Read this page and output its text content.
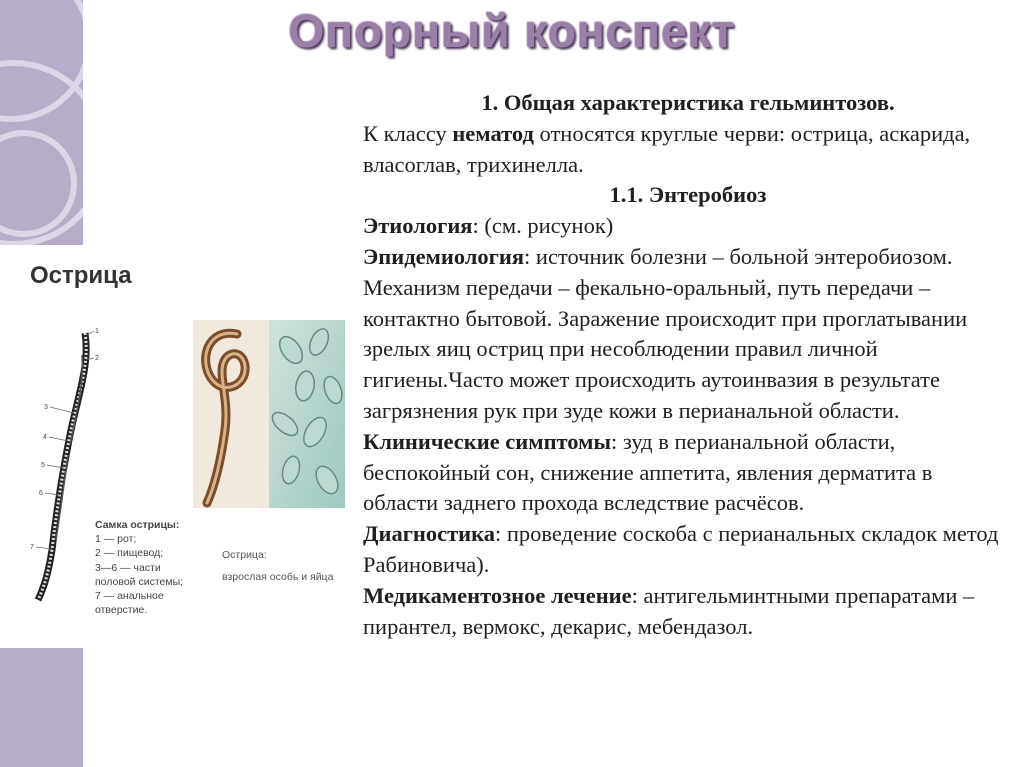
Опорный конспект
Острица
1
2
3
4
5
6
7
Самка острицы:
1 — рот;
2 — пищевод;
3—6 — части
половой системы;
7 — анальное
отверстие.
Острица:
взрослая особь и яйца

1. Общая характеристика гельминтозов.

К классу нематод относятся круглые черви: острица, аскарида, власоглав, трихинелла.

1.1. Энтеробиоз

Этиология: (см. рисунок)

Эпидемиология: источник болезни – больной энтеробиозом. Механизм передачи – фекально-оральный, путь передачи – контактно бытовой. Заражение происходит при проглатывании зрелых яиц остриц при несоблюдении правил личной гигиены.Часто может происходить аутоинвазия в результате загрязнения рук при зуде кожи в перианальной области.

Клинические симптомы: зуд в перианальной области, беспокойный сон, снижение аппетита, явления дерматита в области заднего прохода вследствие расчёсов.

Диагностика: проведение соскоба с перианальных складок метод Рабиновича).

Медикаментозное лечение: антигельминтными препаратами – пирантел, вермокс, декарис, мебендазол.
